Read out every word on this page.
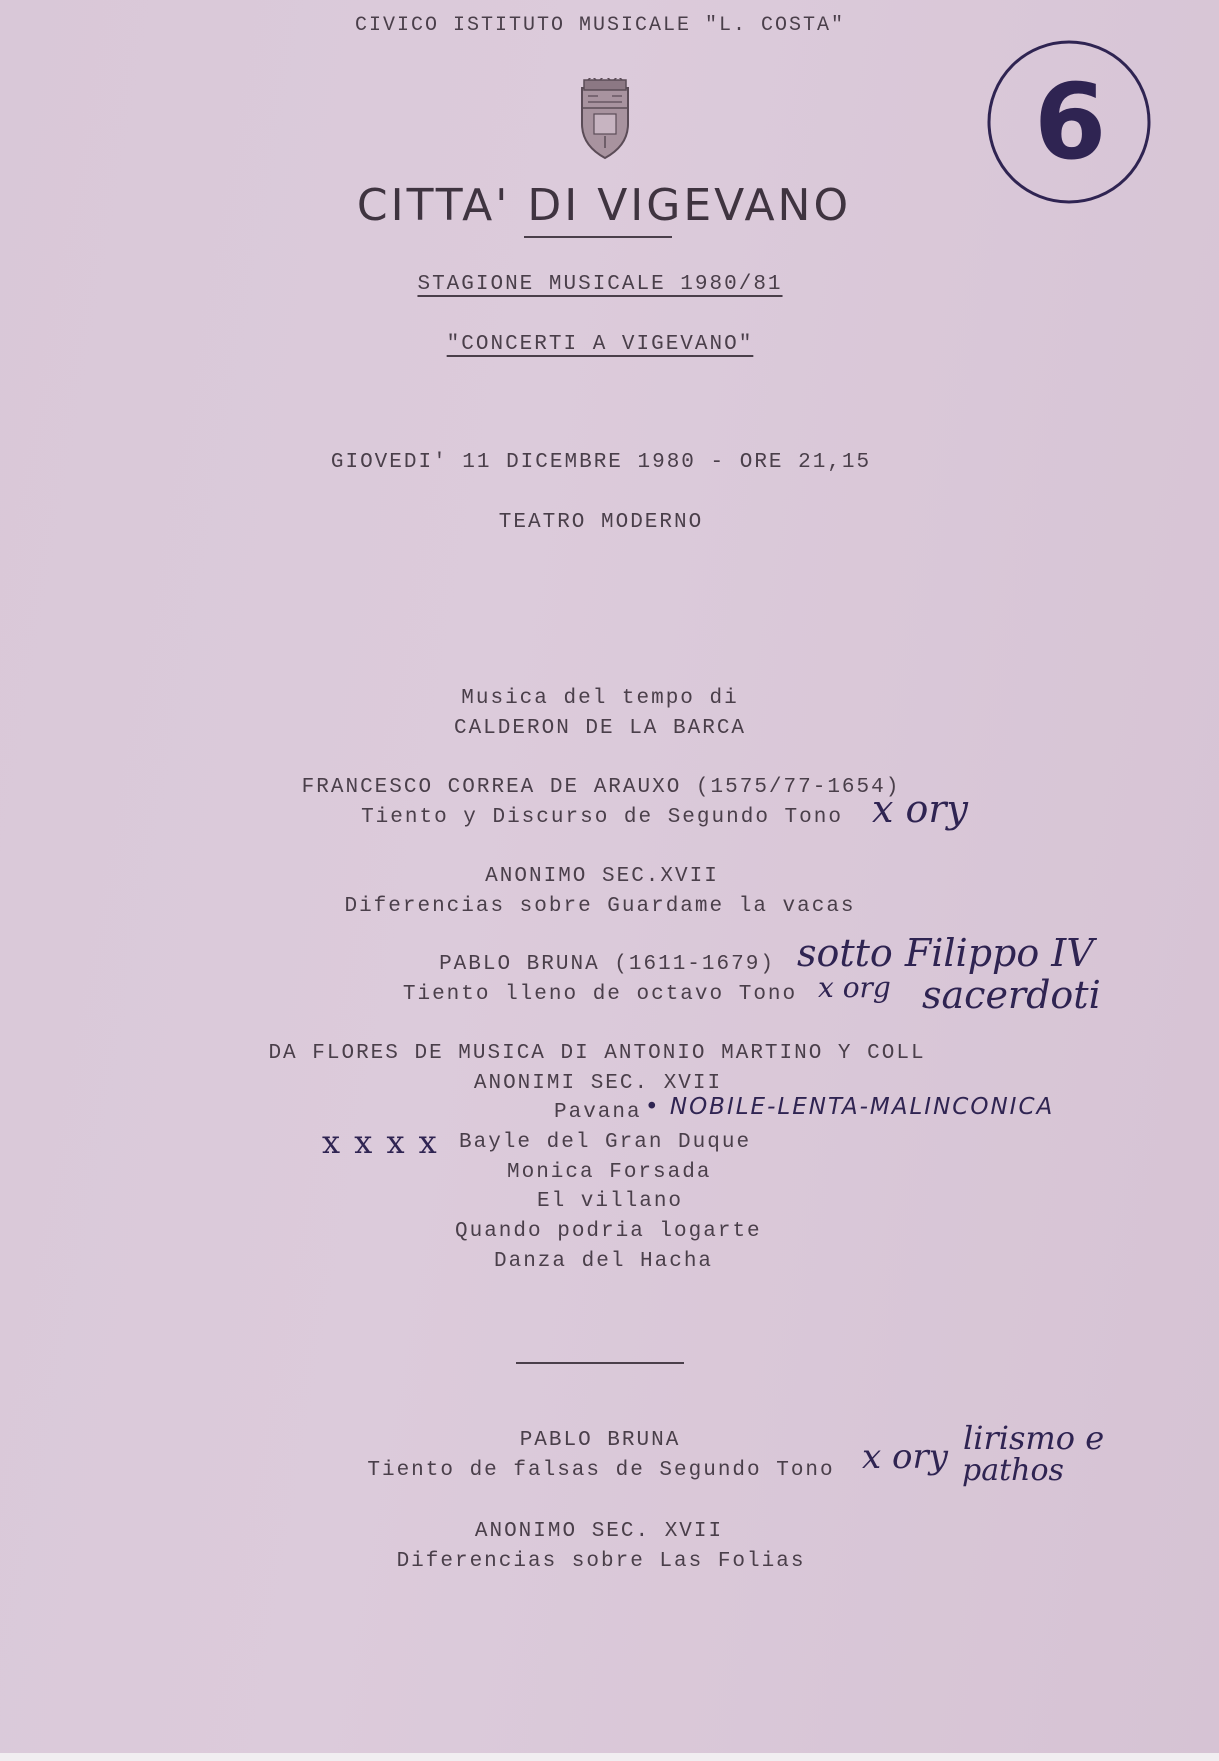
CIVICO ISTITUTO MUSICALE "L. COSTA"
CITTA' DI VIGEVANO
STAGIONE MUSICALE 1980/81
"CONCERTI A VIGEVANO"
GIOVEDI' 11 DICEMBRE 1980 - ORE 21,15
TEATRO MODERNO
Musica del tempo di
CALDERON DE LA BARCA
FRANCESCO CORREA DE ARAUXO (1575/77-1654)
Tiento y Discurso de Segundo Tono
ANONIMO SEC.XVII
Diferencias sobre Guardame la vacas
PABLO BRUNA (1611-1679)
Tiento lleno de octavo Tono
DA FLORES DE MUSICA DI ANTONIO MARTINO Y COLL
ANONIMI SEC. XVII
Pavana
Bayle del Gran Duque
Monica Forsada
El villano
Quando podria logarte
Danza del Hacha
PABLO BRUNA
Tiento de falsas de Segundo Tono
ANONIMO SEC. XVII
Diferencias sobre Las Folias
6
x ory
sotto Filippo IV
x org sacerdoti
• NOBILE-LENTA-MALINCONICA
x x x x
x ory lirismo e
pathos
